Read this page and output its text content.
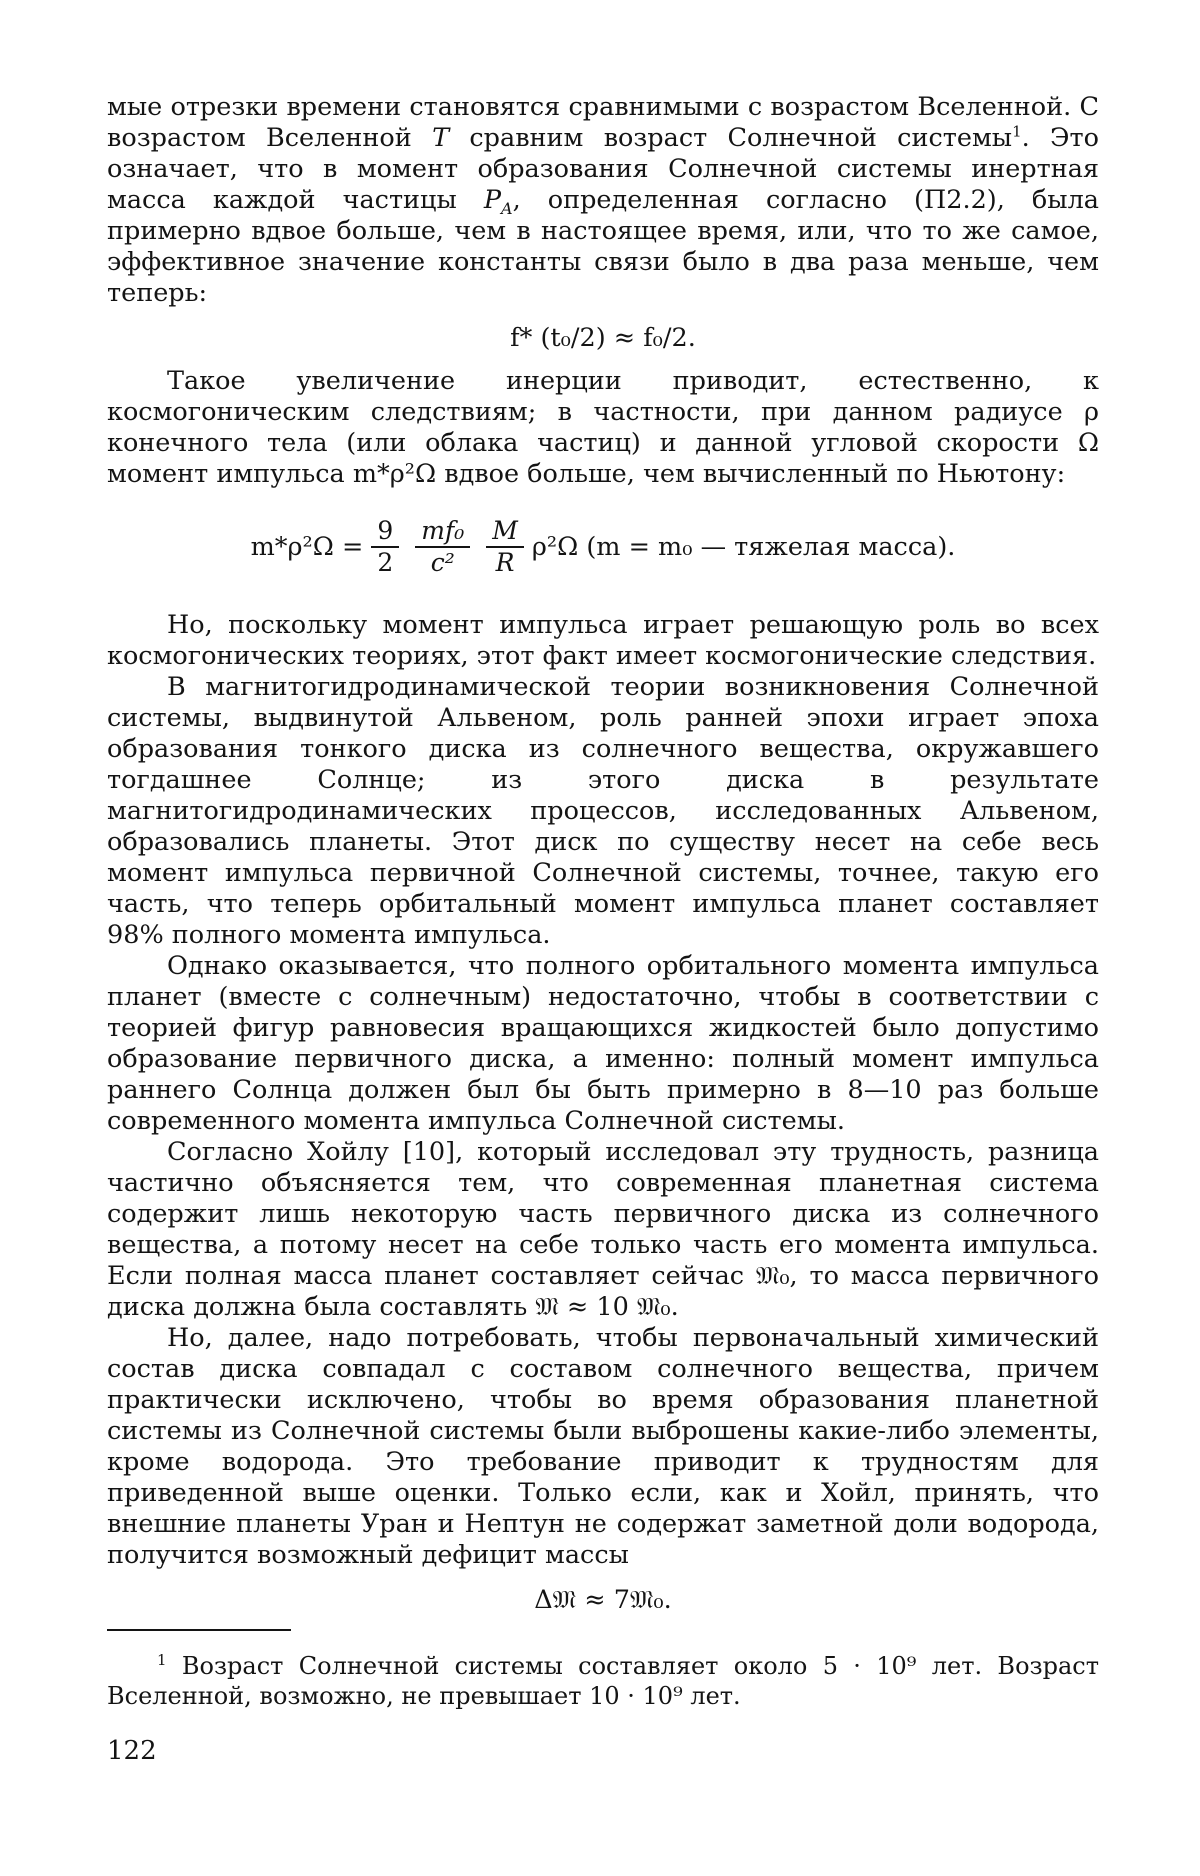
мые отрезки времени становятся сравнимыми с возрастом Вселенной. С возрастом Вселенной T сравним возраст Солнечной системы$^1$. Это означает, что в момент образования Солнечной системы инертная масса каждой частицы $P_A$, определенная согласно (П2.2), была примерно вдвое больше, чем в настоящее время, или, что то же самое, эффективное значение константы связи было в два раза меньше, чем теперь:

f* (t₀/2) ≈ f₀/2.

Такое увеличение инерции приводит, естественно, к космогоническим следствиям; в частности, при данном радиусе ρ конечного тела (или облака частиц) и данной угловой скорости Ω момент импульса m*ρ²Ω вдвое больше, чем вычисленный по Ньютону:

$m*\rho^2\Omega = \frac{9}{2} \frac{\text{mf₀}}{\text{c²}} \frac{M}{R} \rho^2\Omega$ (m = m₀ — тяжелая масса).

Но, поскольку момент импульса играет решающую роль во всех космогонических теориях, этот факт имеет космогонические следствия.

В магнитогидродинамической теории возникновения Солнечной системы, выдвинутой Альвеном, роль ранней эпохи играет эпоха образования тонкого диска из солнечного вещества, окружавшего тогдашнее Солнце; из этого диска в результате магнитогидродинамических процессов, исследованных Альвеном, образовались планеты. Этот диск по существу несет на себе весь момент импульса первичной Солнечной системы, точнее, такую его часть, что теперь орбитальный момент импульса планет составляет 98% полного момента импульса.

Однако оказывается, что полного орбитального момента импульса планет (вместе с солнечным) недостаточно, чтобы в соответствии с теорией фигур равновесия вращающихся жидкостей было допустимо образование первичного диска, а именно: полный момент импульса раннего Солнца должен был бы быть примерно в 8—10 раз больше современного момента импульса Солнечной системы.

Согласно Хойлу [10], который исследовал эту трудность, разница частично объясняется тем, что современная планетная система содержит лишь некоторую часть первичного диска из солнечного вещества, а потому несет на себе только часть его момента импульса. Если полная масса планет составляет сейчас 𝔐₀, то масса первичного диска должна была составлять 𝔐 ≈ 10 𝔐₀.

Но, далее, надо потребовать, чтобы первоначальный химический состав диска совпадал с составом солнечного вещества, причем практически исключено, чтобы во время образования планетной системы из Солнечной системы были выброшены какие-либо элементы, кроме водорода. Это требование приводит к трудностям для приведенной выше оценки. Только если, как и Хойл, принять, что внешние планеты Уран и Нептун не содержат заметной доли водорода, получится возможный дефицит массы

Δ𝔐 ≈ 7𝔐₀.

$^1$ Возраст Солнечной системы составляет около 5 · 10⁹ лет. Возраст Вселенной, возможно, не превышает 10 · 10⁹ лет.

122
